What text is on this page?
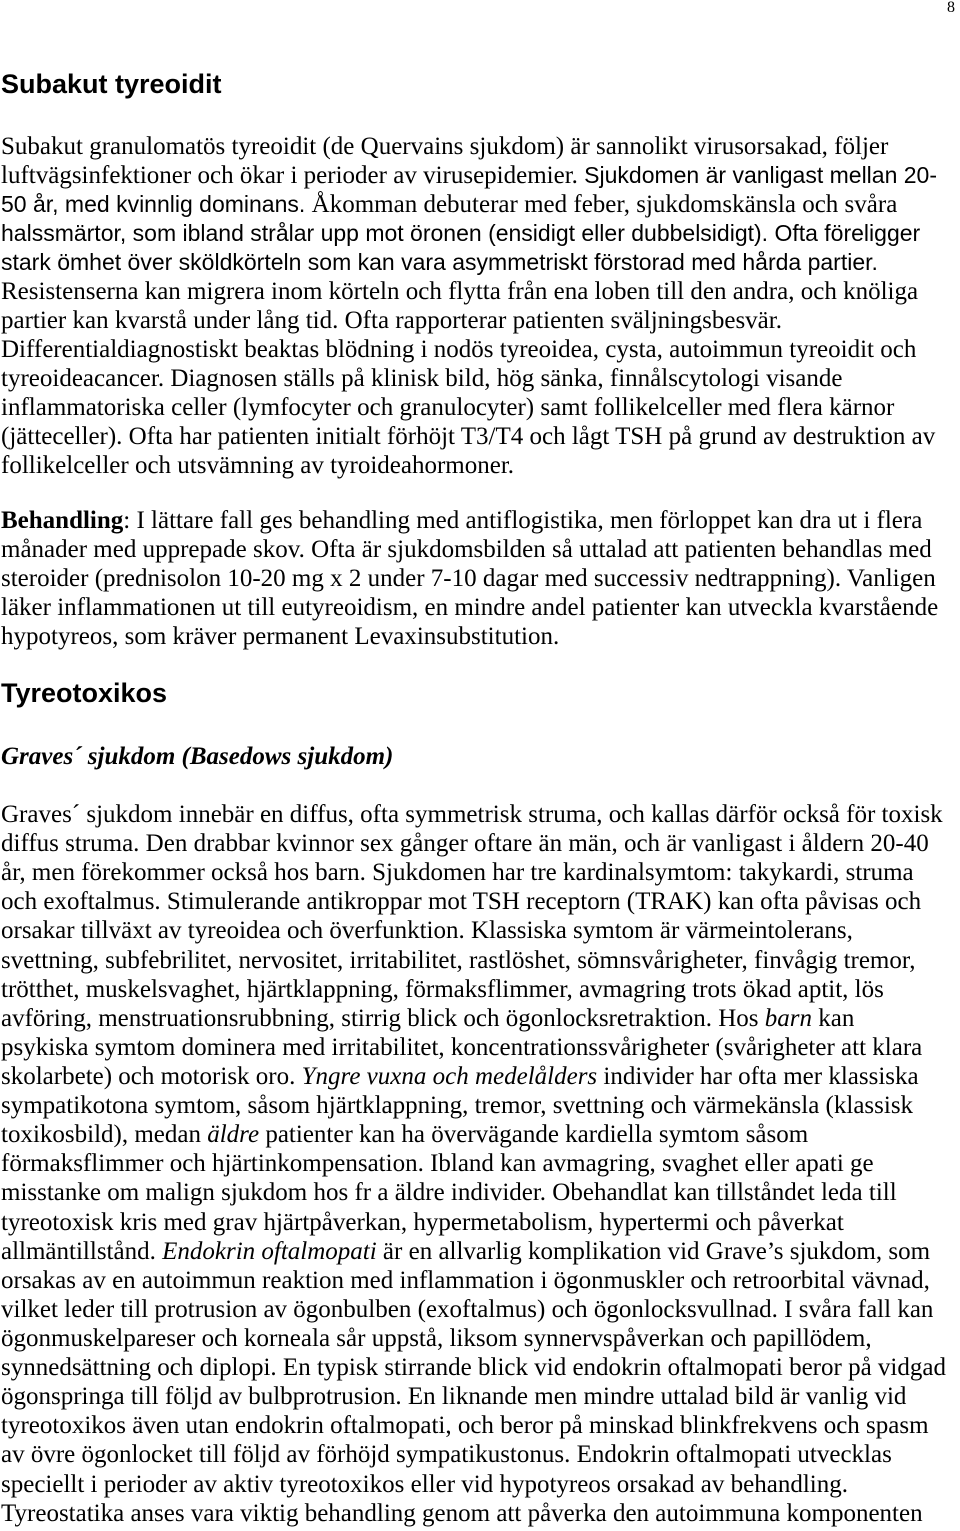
8
Subakut tyreoidit
Subakut granulomatös tyreoidit (de Quervains sjukdom) är sannolikt virusorsakad, följer
luftvägsinfektioner och ökar i perioder av virusepidemier. Sjukdomen är vanligast mellan 20-
50 år, med kvinnlig dominans. Åkomman debuterar med feber, sjukdomskänsla och svåra
halssmärtor, som ibland strålar upp mot öronen (ensidigt eller dubbelsidigt). Ofta föreligger
stark ömhet över sköldkörteln som kan vara asymmetriskt förstorad med hårda partier.
Resistenserna kan migrera inom körteln och flytta från ena loben till den andra, och knöliga
partier kan kvarstå under lång tid. Ofta rapporterar patienten sväljningsbesvär.
Differentialdiagnostiskt beaktas blödning i nodös tyreoidea, cysta, autoimmun tyreoidit och
tyreoideacancer. Diagnosen ställs på klinisk bild, hög sänka, finnålscytologi visande
inflammatoriska celler (lymfocyter och granulocyter) samt follikelceller med flera kärnor
(jätteceller). Ofta har patienten initialt förhöjt T3/T4 och lågt TSH på grund av destruktion av
follikelceller och utsvämning av tyroideahormoner.
Behandling: I lättare fall ges behandling med antiflogistika, men förloppet kan dra ut i flera
månader med upprepade skov. Ofta är sjukdomsbilden så uttalad att patienten behandlas med
steroider (prednisolon 10-20 mg x 2 under 7-10 dagar med successiv nedtrappning). Vanligen
läker inflammationen ut till eutyreoidism, en mindre andel patienter kan utveckla kvarstående
hypotyreos, som kräver permanent Levaxinsubstitution.
Tyreotoxikos
Graves´ sjukdom (Basedows sjukdom)
Graves´ sjukdom innebär en diffus, ofta symmetrisk struma, och kallas därför också för toxisk
diffus struma. Den drabbar kvinnor sex gånger oftare än män, och är vanligast i åldern 20-40
år, men förekommer också hos barn. Sjukdomen har tre kardinalsymtom: takykardi, struma
och exoftalmus. Stimulerande antikroppar mot TSH receptorn (TRAK) kan ofta påvisas och
orsakar tillväxt av tyreoidea och överfunktion. Klassiska symtom är värmeintolerans,
svettning, subfebrilitet, nervositet, irritabilitet, rastlöshet, sömnsvårigheter, finvågig tremor,
trötthet, muskelsvaghet, hjärtklappning, förmaksflimmer, avmagring trots ökad aptit, lös
avföring, menstruationsrubbning, stirrig blick och ögonlocksretraktion. Hos barn kan
psykiska symtom dominera med irritabilitet, koncentrationssvårigheter (svårigheter att klara
skolarbete) och motorisk oro. Yngre vuxna och medelålders individer har ofta mer klassiska
sympatikotona symtom, såsom hjärtklappning, tremor, svettning och värmekänsla (klassisk
toxikosbild), medan äldre patienter kan ha övervägande kardiella symtom såsom
förmaksflimmer och hjärtinkompensation. Ibland kan avmagring, svaghet eller apati ge
misstanke om malign sjukdom hos fr a äldre individer. Obehandlat kan tillståndet leda till
tyreotoxisk kris med grav hjärtpåverkan, hypermetabolism, hypertermi och påverkat
allmäntillstånd. Endokrin oftalmopati är en allvarlig komplikation vid Grave’s sjukdom, som
orsakas av en autoimmun reaktion med inflammation i ögonmuskler och retroorbital vävnad,
vilket leder till protrusion av ögonbulben (exoftalmus) och ögonlocksvullnad. I svåra fall kan
ögonmuskelpareser och korneala sår uppstå, liksom synnervspåverkan och papillödem,
synnedsättning och diplopi. En typisk stirrande blick vid endokrin oftalmopati beror på vidgad
ögonspringa till följd av bulbprotrusion. En liknande men mindre uttalad bild är vanlig vid
tyreotoxikos även utan endokrin oftalmopati, och beror på minskad blinkfrekvens och spasm
av övre ögonlocket till följd av förhöjd sympatikustonus. Endokrin oftalmopati utvecklas
speciellt i perioder av aktiv tyreotoxikos eller vid hypotyreos orsakad av behandling.
Tyreostatika anses vara viktig behandling genom att påverka den autoimmuna komponenten
